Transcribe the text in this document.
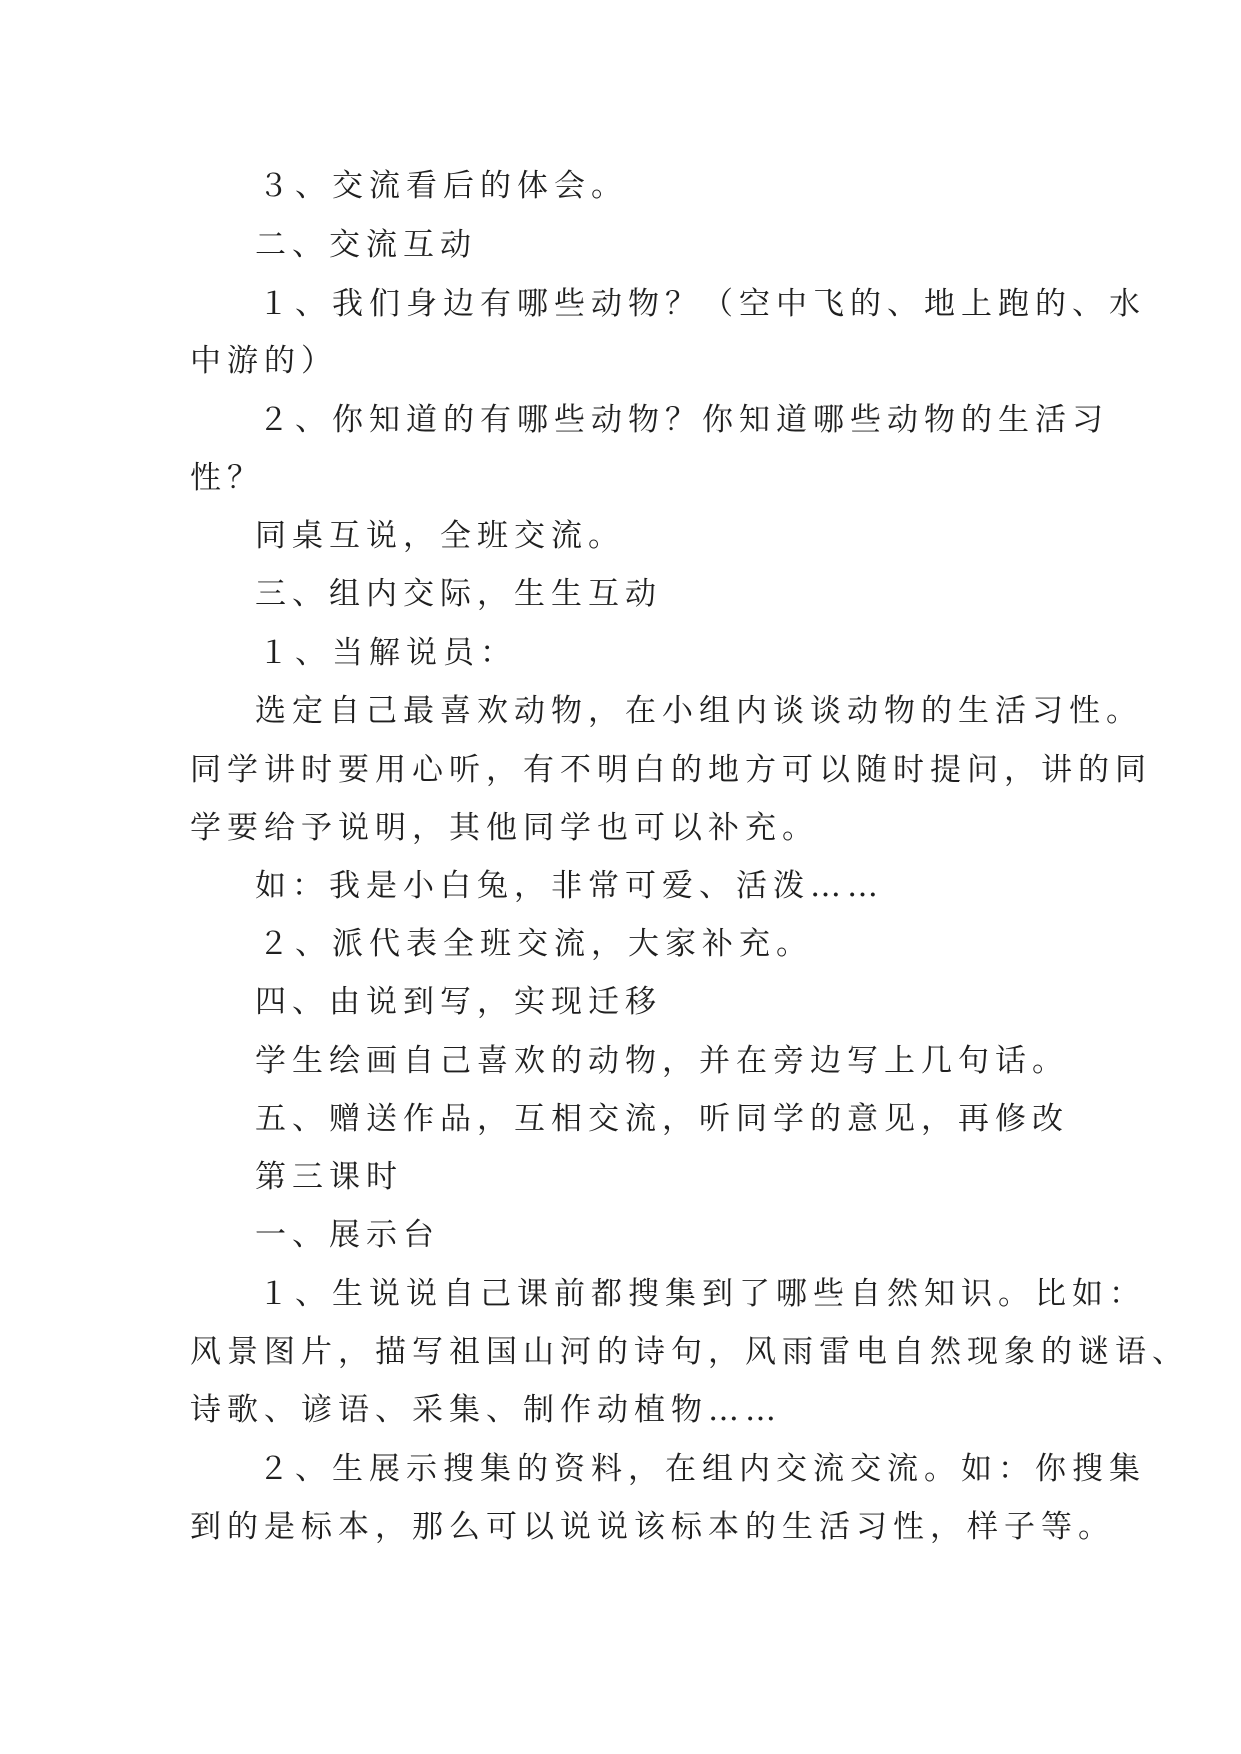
３、交流看后的体会。
二、交流互动
１、我们身边有哪些动物？（空中飞的、地上跑的、水
中游的）
２、你知道的有哪些动物？你知道哪些动物的生活习
性？
同桌互说，全班交流。
三、组内交际，生生互动
１、当解说员：
选定自己最喜欢动物，在小组内谈谈动物的生活习性。
同学讲时要用心听，有不明白的地方可以随时提问，讲的同
学要给予说明，其他同学也可以补充。
如：我是小白兔，非常可爱、活泼……
２、派代表全班交流，大家补充。
四、由说到写，实现迁移
学生绘画自己喜欢的动物，并在旁边写上几句话。
五、赠送作品，互相交流，听同学的意见，再修改
第三课时
一、展示台
１、生说说自己课前都搜集到了哪些自然知识。比如：
风景图片，描写祖国山河的诗句，风雨雷电自然现象的谜语、
诗歌、谚语、采集、制作动植物……
２、生展示搜集的资料，在组内交流交流。如：你搜集
到的是标本，那么可以说说该标本的生活习性，样子等。
